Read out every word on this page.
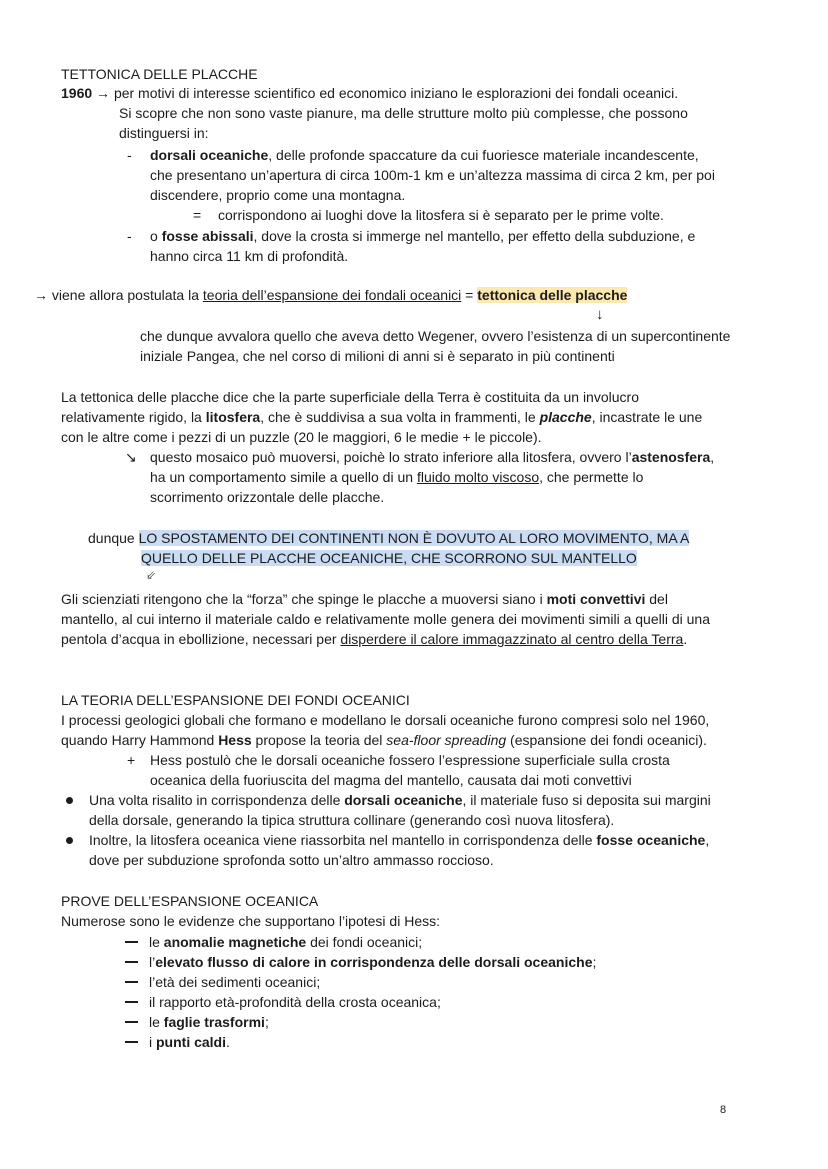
TETTONICA DELLE PLACCHE
1960 → per motivi di interesse scientifico ed economico iniziano le esplorazioni dei fondali oceanici.
Si scopre che non sono vaste pianure, ma delle strutture molto più complesse, che possono
distinguersi in:
- dorsali oceaniche, delle profonde spaccature da cui fuoriesce materiale incandescente,
che presentano un’apertura di circa 100m-1 km e un’altezza massima di circa 2 km, per poi
discendere, proprio come una montagna.
= corrispondono ai luoghi dove la litosfera si è separato per le prime volte.
- o fosse abissali, dove la crosta si immerge nel mantello, per effetto della subduzione, e
hanno circa 11 km di profondità.
→ viene allora postulata la teoria dell’espansione dei fondali oceanici = tettonica delle placche
↓
che dunque avvalora quello che aveva detto Wegener, ovvero l’esistenza di un supercontinente
iniziale Pangea, che nel corso di milioni di anni si è separato in più continenti
La tettonica delle placche dice che la parte superficiale della Terra è costituita da un involucro
relativamente rigido, la litosfera, che è suddivisa a sua volta in frammenti, le placche, incastrate le une
con le altre come i pezzi di un puzzle (20 le maggiori, 6 le medie + le piccole).
↘ questo mosaico può muoversi, poichè lo strato inferiore alla litosfera, ovvero l’astenosfera,
ha un comportamento simile a quello di un fluido molto viscoso, che permette lo
scorrimento orizzontale delle placche.
dunque LO SPOSTAMENTO DEI CONTINENTI NON È DOVUTO AL LORO MOVIMENTO, MA A
QUELLO DELLE PLACCHE OCEANICHE, CHE SCORRONO SUL MANTELLO
⇙
Gli scienziati ritengono che la “forza” che spinge le placche a muoversi siano i moti convettivi del
mantello, al cui interno il materiale caldo e relativamente molle genera dei movimenti simili a quelli di una
pentola d’acqua in ebollizione, necessari per disperdere il calore immagazzinato al centro della Terra.
LA TEORIA DELL’ESPANSIONE DEI FONDI OCEANICI
I processi geologici globali che formano e modellano le dorsali oceaniche furono compresi solo nel 1960,
quando Harry Hammond Hess propose la teoria del sea-floor spreading (espansione dei fondi oceanici).
+ Hess postulò che le dorsali oceaniche fossero l’espressione superficiale sulla crosta
oceanica della fuoriuscita del magma del mantello, causata dai moti convettivi
Una volta risalito in corrispondenza delle dorsali oceaniche, il materiale fuso si deposita sui margini
della dorsale, generando la tipica struttura collinare (generando così nuova litosfera).
Inoltre, la litosfera oceanica viene riassorbita nel mantello in corrispondenza delle fosse oceaniche,
dove per subduzione sprofonda sotto un’altro ammasso roccioso.
PROVE DELL’ESPANSIONE OCEANICA
Numerose sono le evidenze che supportano l’ipotesi di Hess:
le anomalie magnetiche dei fondi oceanici;
l’elevato flusso di calore in corrispondenza delle dorsali oceaniche;
l’età dei sedimenti oceanici;
il rapporto età-profondità della crosta oceanica;
le faglie trasformi;
i punti caldi.
8
